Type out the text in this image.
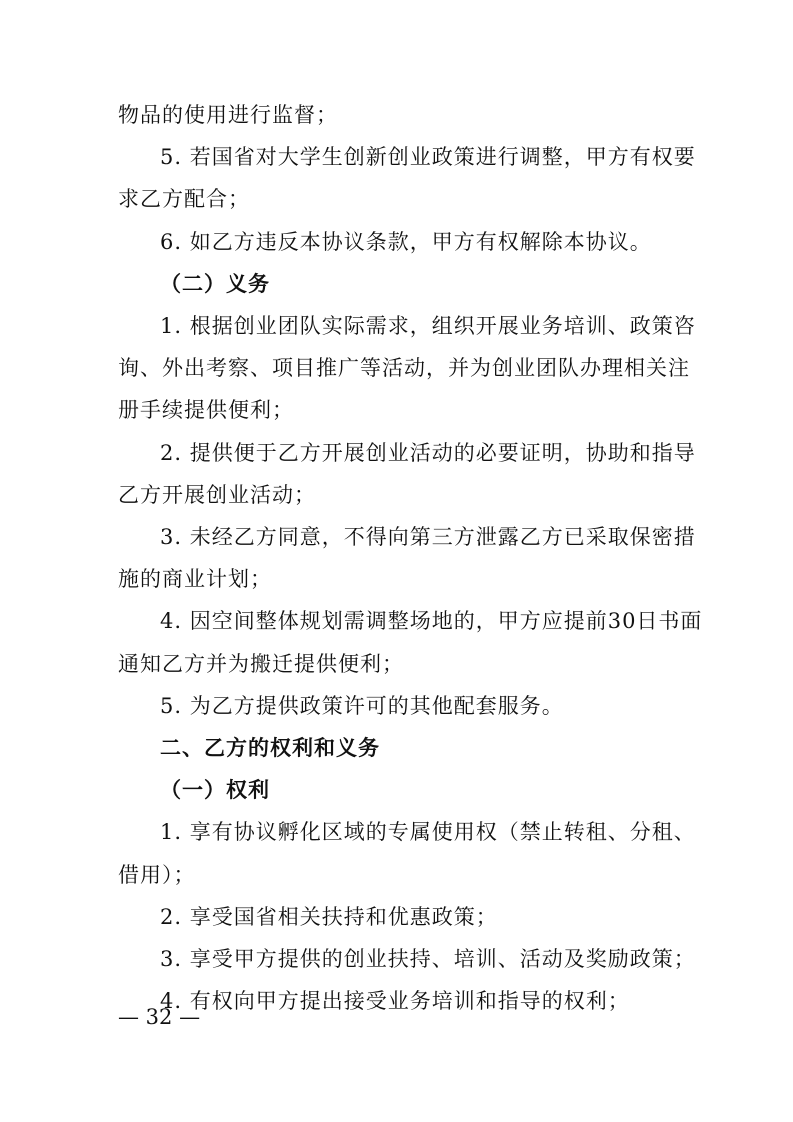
物品的使用进行监督；
5. 若国省对大学生创新创业政策进行调整，甲方有权要
求乙方配合；
6. 如乙方违反本协议条款，甲方有权解除本协议。
（二）义务
1. 根据创业团队实际需求，组织开展业务培训、政策咨
询、外出考察、项目推广等活动，并为创业团队办理相关注
册手续提供便利；
2. 提供便于乙方开展创业活动的必要证明，协助和指导
乙方开展创业活动；
3. 未经乙方同意，不得向第三方泄露乙方已采取保密措
施的商业计划；
4. 因空间整体规划需调整场地的，甲方应提前30日书面
通知乙方并为搬迁提供便利；
5. 为乙方提供政策许可的其他配套服务。
二、乙方的权利和义务
（一）权利
1. 享有协议孵化区域的专属使用权（禁止转租、分租、
借用）；
2. 享受国省相关扶持和优惠政策；
3. 享受甲方提供的创业扶持、培训、活动及奖励政策；
4. 有权向甲方提出接受业务培训和指导的权利；
— 32 —
